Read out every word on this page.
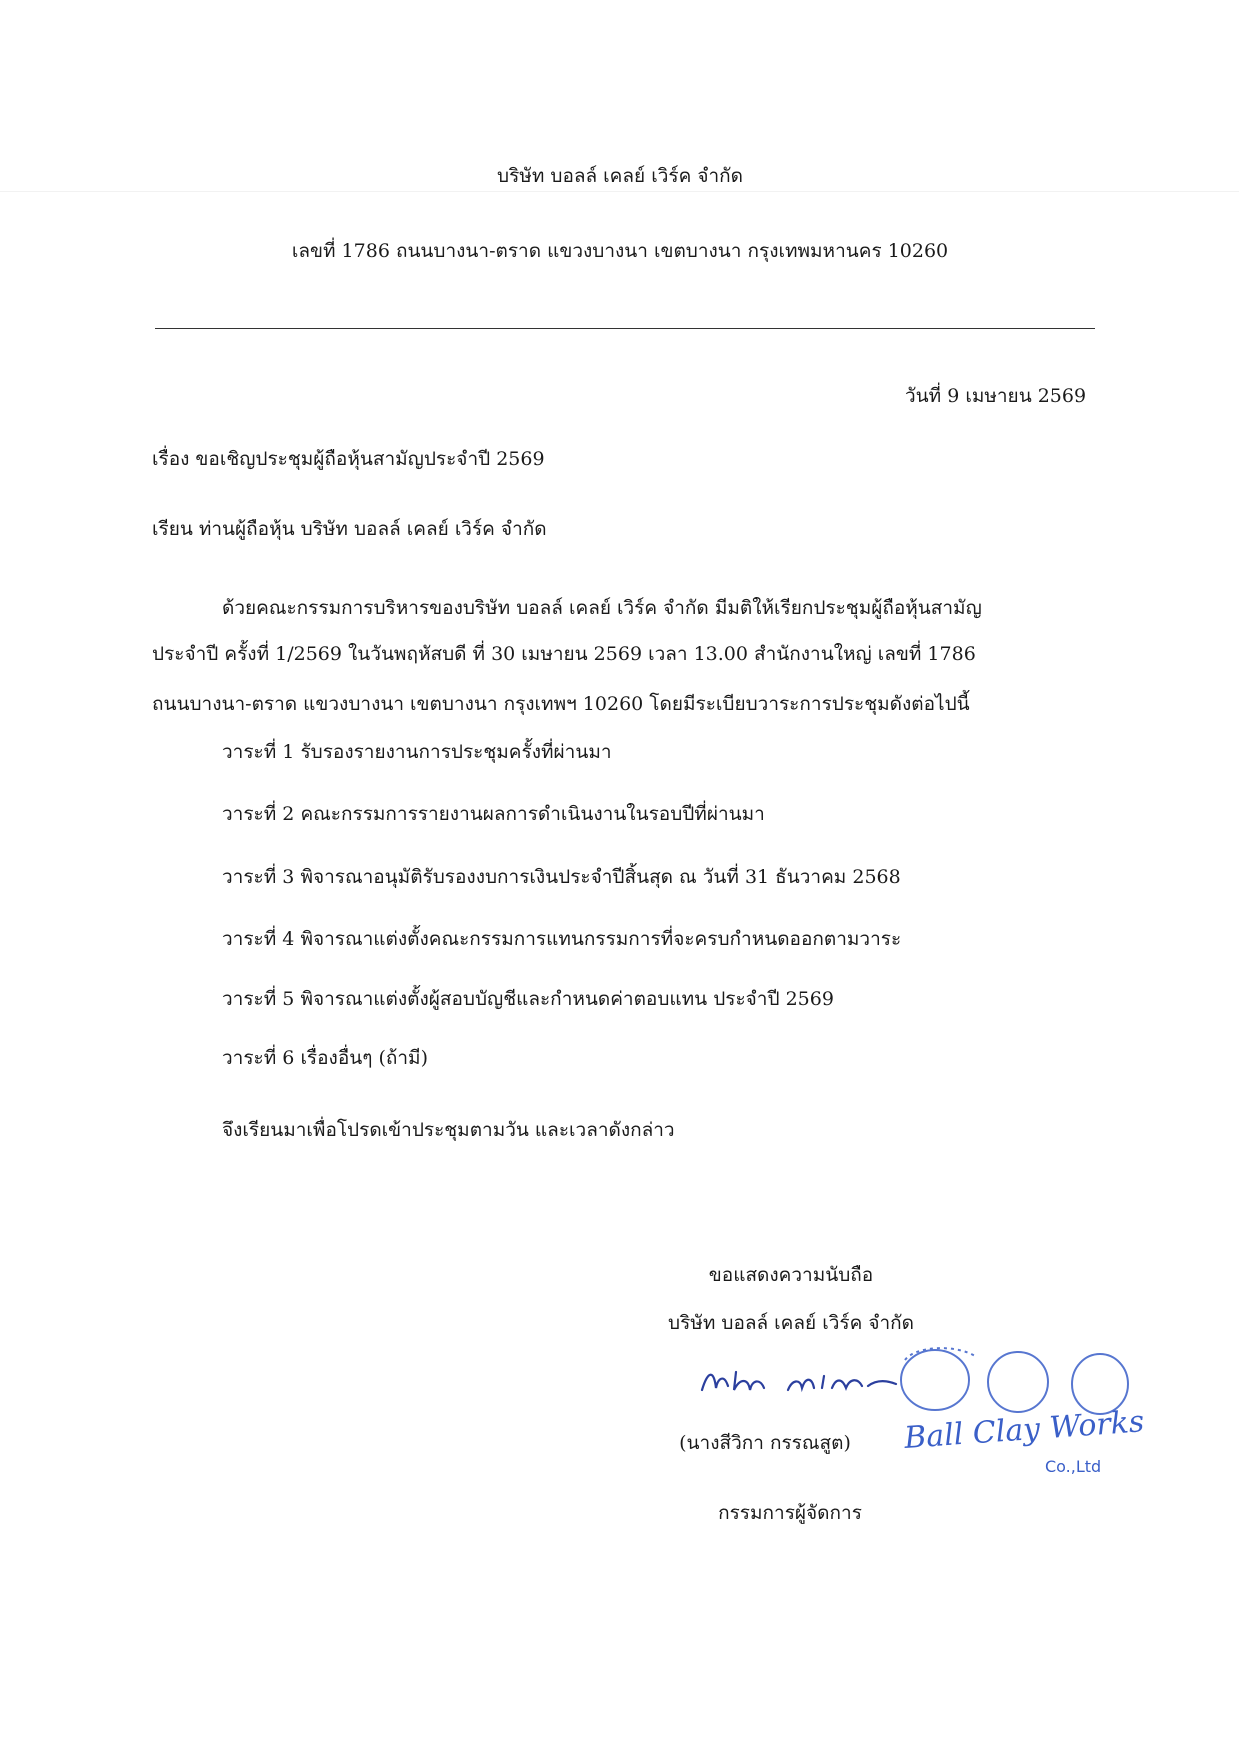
บริษัท บอลล์ เคลย์ เวิร์ค จำกัด
เลขที่ 1786 ถนนบางนา-ตราด แขวงบางนา เขตบางนา กรุงเทพมหานคร 10260
วันที่ 9 เมษายน 2569
เรื่อง ขอเชิญประชุมผู้ถือหุ้นสามัญประจำปี 2569
เรียน ท่านผู้ถือหุ้น บริษัท บอลล์ เคลย์ เวิร์ค จำกัด
ด้วยคณะกรรมการบริหารของบริษัท บอลล์ เคลย์ เวิร์ค จำกัด มีมติให้เรียกประชุมผู้ถือหุ้นสามัญ
ประจำปี ครั้งที่ 1/2569 ในวันพฤหัสบดี ที่ 30 เมษายน 2569 เวลา 13.00 สำนักงานใหญ่ เลขที่ 1786
ถนนบางนา-ตราด แขวงบางนา เขตบางนา กรุงเทพฯ 10260 โดยมีระเบียบวาระการประชุมดังต่อไปนี้
วาระที่ 1 รับรองรายงานการประชุมครั้งที่ผ่านมา
วาระที่ 2 คณะกรรมการรายงานผลการดำเนินงานในรอบปีที่ผ่านมา
วาระที่ 3 พิจารณาอนุมัติรับรองงบการเงินประจำปีสิ้นสุด ณ วันที่ 31 ธันวาคม 2568
วาระที่ 4 พิจารณาแต่งตั้งคณะกรรมการแทนกรรมการที่จะครบกำหนดออกตามวาระ
วาระที่ 5 พิจารณาแต่งตั้งผู้สอบบัญชีและกำหนดค่าตอบแทน ประจำปี 2569
วาระที่ 6 เรื่องอื่นๆ (ถ้ามี)
จึงเรียนมาเพื่อโปรดเข้าประชุมตามวัน และเวลาดังกล่าว
ขอแสดงความนับถือ
บริษัท บอลล์ เคลย์ เวิร์ค จำกัด
Ball Clay Works
Co.,Ltd
(นางสีวิกา กรรณสูต)
กรรมการผู้จัดการ
